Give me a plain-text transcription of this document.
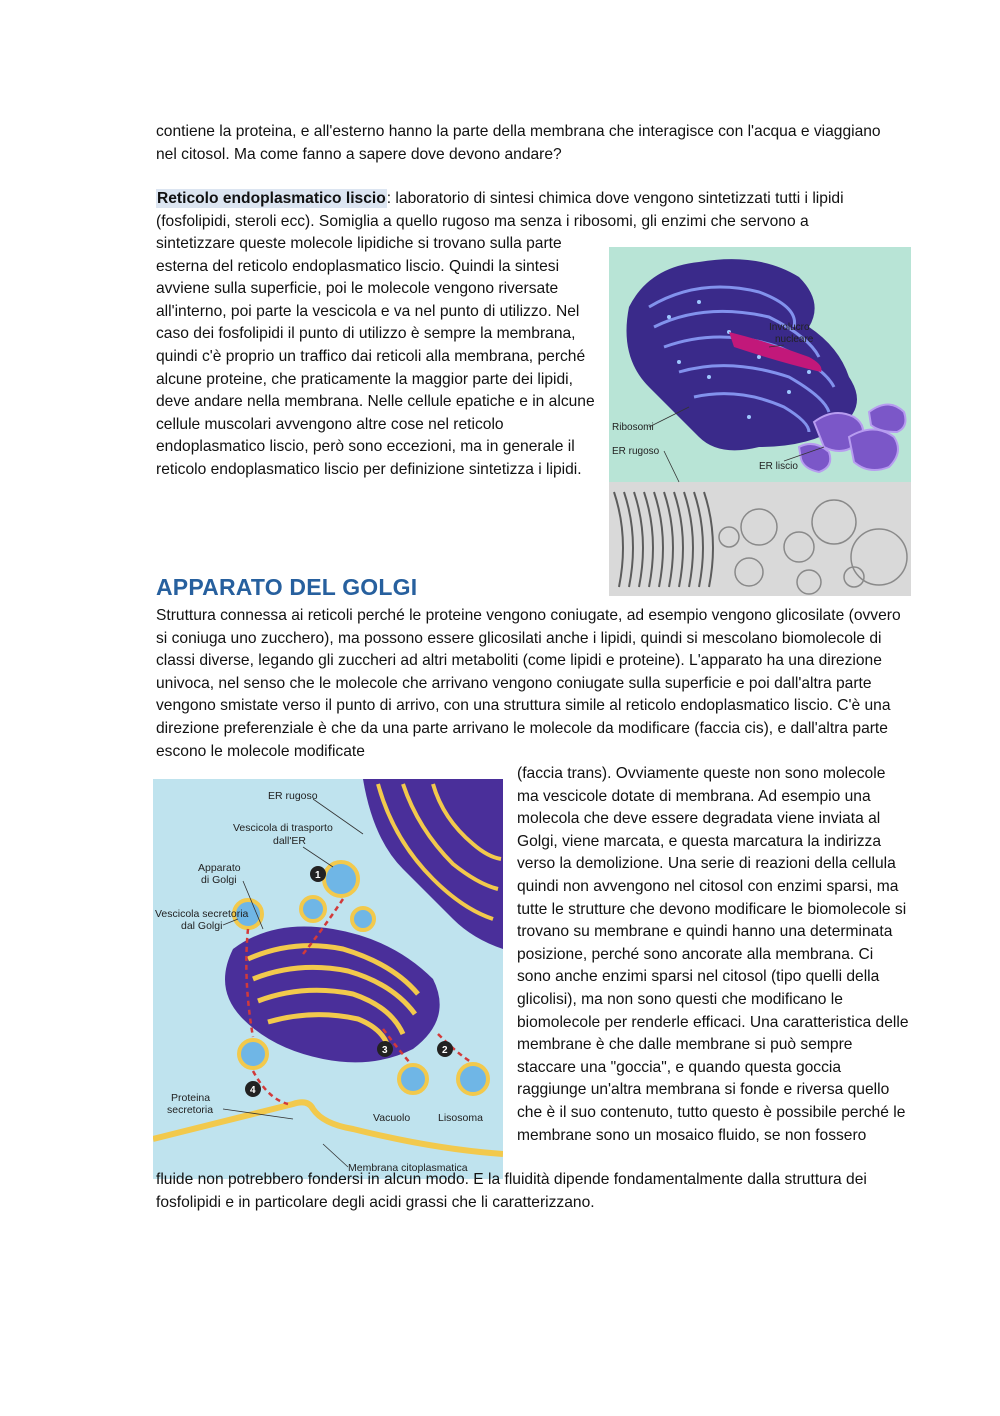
contiene la proteina, e all'esterno hanno la parte della membrana che interagisce con l'acqua e viaggiano nel citosol. Ma come fanno a sapere dove devono andare?
Reticolo endoplasmatico liscio: laboratorio di sintesi chimica dove vengono sintetizzati tutti i lipidi (fosfolipidi, steroli ecc). Somiglia a quello rugoso ma senza i ribosomi, gli enzimi che servono a
sintetizzare queste molecole lipidiche si trovano sulla parte esterna del reticolo endoplasmatico liscio. Quindi la sintesi avviene sulla superficie, poi le molecole vengono riversate all'interno, poi parte la vescicola e va nel punto di utilizzo. Nel caso dei fosfolipidi il punto di utilizzo è sempre la membrana, quindi c'è proprio un traffico dai reticoli alla membrana, perché alcune proteine, che praticamente la maggior parte dei lipidi, deve andare nella membrana. Nelle cellule epatiche e in alcune cellule muscolari avvengono altre cose nel reticolo endoplasmatico liscio, però sono eccezioni, ma in generale il reticolo endoplasmatico liscio per definizione sintetizza i lipidi.
Involucro
nucleare
Ribosomi
ER rugoso
ER liscio
APPARATO DEL GOLGI
Struttura connessa ai reticoli perché le proteine vengono coniugate, ad esempio vengono glicosilate (ovvero si coniuga uno zucchero), ma possono essere glicosilati anche i lipidi, quindi si mescolano biomolecole di classi diverse, legando gli zuccheri ad altri metaboliti (come lipidi e proteine). L'apparato ha una direzione univoca, nel senso che le molecole che arrivano vengono coniugate sulla superficie e poi dall'altra parte vengono smistate verso il punto di arrivo, con una struttura simile al reticolo endoplasmatico liscio. C'è una direzione preferenziale è che da una parte arrivano le molecole da modificare (faccia cis), e dall'altra parte escono le molecole modificate
1
2
3
4
ER rugoso
Vescicola di trasporto
dall'ER
Apparato
di Golgi
Vescicola secretoria
dal Golgi
Proteina
secretoria
Vacuolo	Lisosoma
Membrana citoplasmatica
(faccia trans). Ovviamente queste non sono molecole ma vescicole dotate di membrana. Ad esempio una molecola che deve essere degradata viene inviata al Golgi, viene marcata, e questa marcatura la indirizza verso la demolizione. Una serie di reazioni della cellula quindi non avvengono nel citosol con enzimi sparsi, ma tutte le strutture che devono modificare le biomolecole si trovano su membrane e quindi hanno una determinata posizione, perché sono ancorate alla membrana. Ci sono anche enzimi sparsi nel citosol (tipo quelli della glicolisi), ma non sono questi che modificano le biomolecole per renderle efficaci. Una caratteristica delle membrane è che dalle membrane si può sempre staccare una "goccia", e quando questa goccia raggiunge un'altra membrana si fonde e riversa quello che è il suo contenuto, tutto questo è possibile perché le membrane sono un mosaico fluido, se non fossero
fluide non potrebbero fondersi in alcun modo. E la fluidità dipende fondamentalmente dalla struttura dei fosfolipidi e in particolare degli acidi grassi che li caratterizzano.
